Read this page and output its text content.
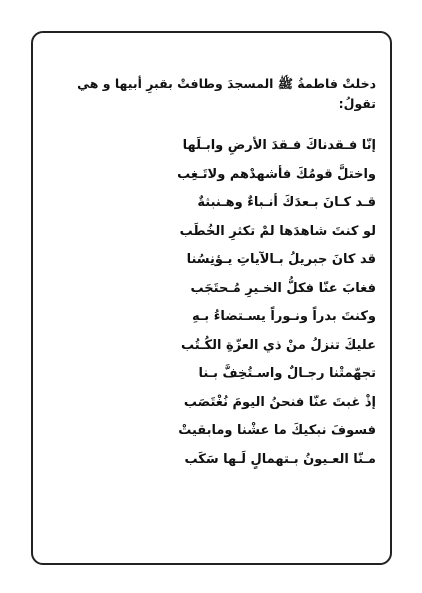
دخلتْ فاطمةُ ﷺ المسجدَ وطافتْ بقبرِ أبيها و هي تقولُ:

إنّا فـقدناكَ فـقدَ الأرضِ وابـلَها
واختلَّ قومُكَ فأشهدْهم ولاتَـغِب
قـد كـانَ بـعدَكَ أنـباءٌ وهـنبثةٌ
لو كنتَ شاهدَها لمْ تكثرِ الخُطَب
قد كانَ جبريلُ بـالآياتِ يـؤنِسُنا
فغابَ عنّا فكلُّ الخـيرِ مُـحتَجَب
وكنتَ بدراً ونـوراً يسـتضاءُ بـهِ
عليكَ تنزلُ منْ ذي العزّةِ الكُـتُب
تجهّمتْنا رجـالٌ واسـتُخِفَّ بـنا
إذْ غبتَ عنّا فنحنُ اليومَ نُغْتَصَب
فسوفَ نبكيكَ ما عشْنا ومابقيتْ
مـنّا العـيونُ بـتهمالٍ لَـها سَكَب
